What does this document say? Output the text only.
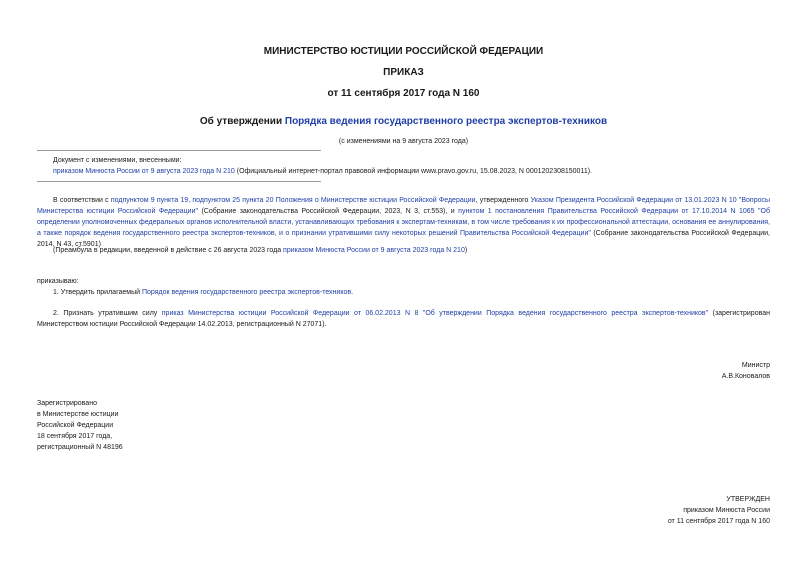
МИНИСТЕРСТВО ЮСТИЦИИ РОССИЙСКОЙ ФЕДЕРАЦИИ
ПРИКАЗ
от 11 сентября 2017 года N 160
Об утверждении Порядка ведения государственного реестра экспертов-техников
(с изменениями на 9 августа 2023 года)
Документ с изменениями, внесенными:
приказом Минюста России от 9 августа 2023 года N 210 (Официальный интернет-портал правовой информации www.pravo.gov.ru, 15.08.2023, N 0001202308150011).
В соответствии с подпунктом 9 пункта 19, подпунктом 25 пункта 20 Положения о Министерстве юстиции Российской Федерации, утвержденного Указом Президента Российской Федерации от 13.01.2023 N 10 "Вопросы Министерства юстиции Российской Федерации" (Собрание законодательства Российской Федерации, 2023, N 3, ст.553), и пунктом 1 постановления Правительства Российской Федерации от 17.10.2014 N 1065 "Об определении уполномоченных федеральных органов исполнительной власти, устанавливающих требования к экспертам-техникам, в том числе требования к их профессиональной аттестации, основания ее аннулирования, а также порядок ведения государственного реестра экспертов-техников, и о признании утратившими силу некоторых решений Правительства Российской Федерации" (Собрание законодательства Российской Федерации, 2014, N 43, ст.5901)
(Преамбула в редакции, введенной в действие с 26 августа 2023 года приказом Минюста России от 9 августа 2023 года N 210)
приказываю:
1. Утвердить прилагаемый Порядок ведения государственного реестра экспертов-техников.
2. Признать утратившим силу приказ Министерства юстиции Российской Федерации от 06.02.2013 N 8 "Об утверждении Порядка ведения государственного реестра экспертов-техников" (зарегистрирован Министерством юстиции Российской Федерации 14.02.2013, регистрационный N 27071).
Министр
А.В.Коновалов
Зарегистрировано
в Министерстве юстиции
Российской Федерации
18 сентября 2017 года,
регистрационный N 48196
УТВЕРЖДЕН
приказом Минюста России
от 11 сентября 2017 года N 160
